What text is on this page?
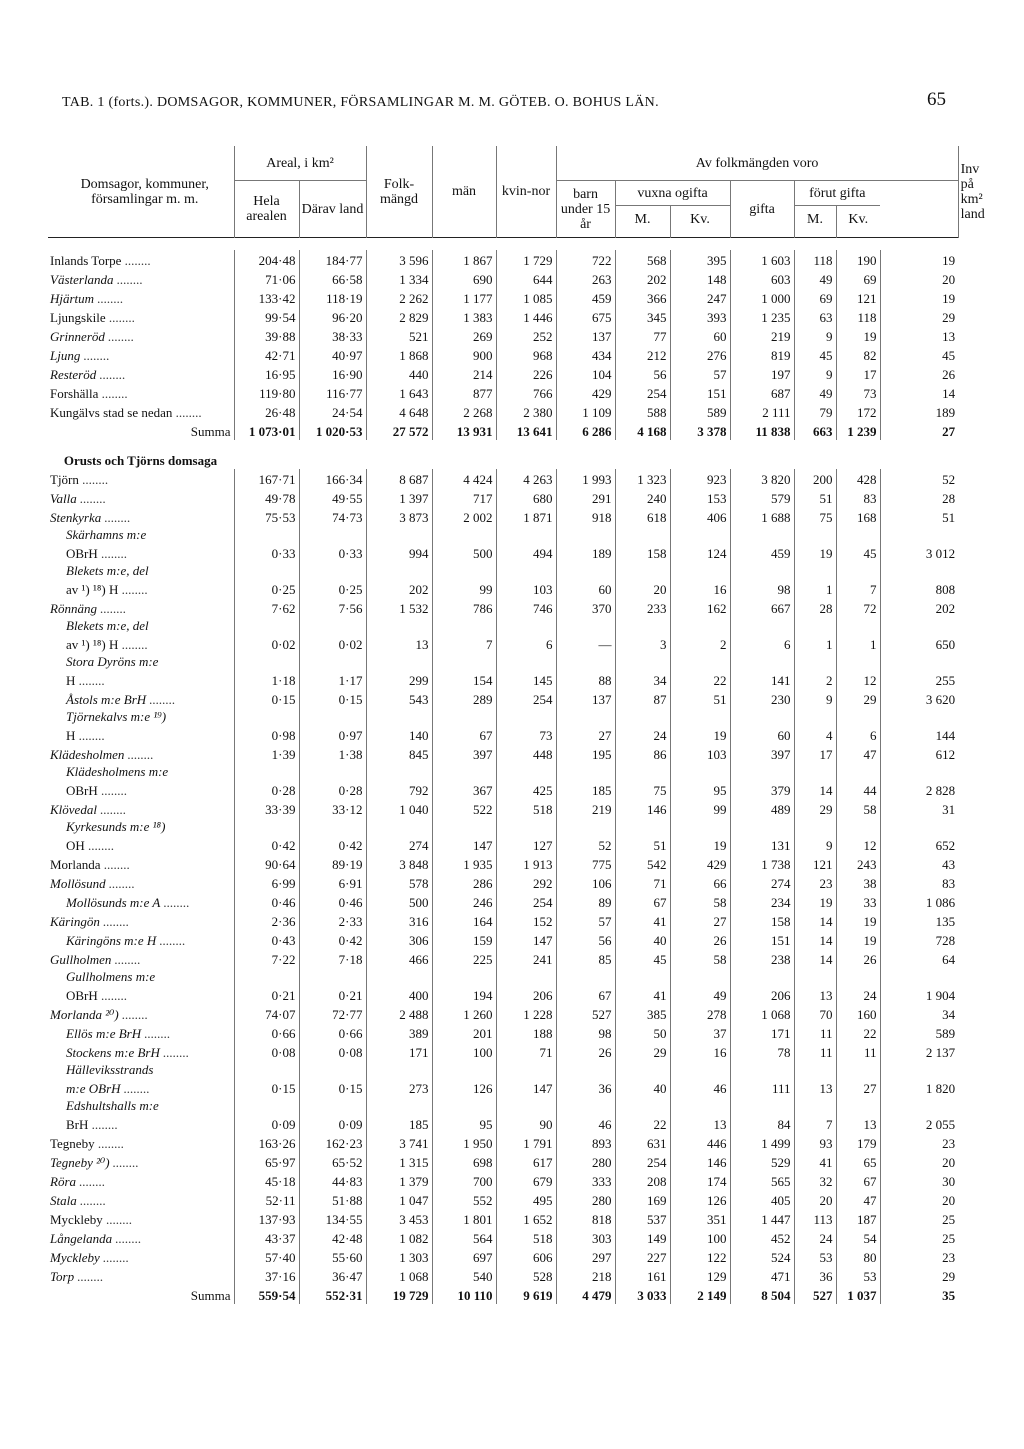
TAB. 1 (forts.). DOMSAGOR, KOMMUNER, FÖRSAMLINGAR M. M. GÖTEB. O. BOHUS LÄN.	65
Domsagor, kommuner, församlingar m. m.	Areal, i km²		Folk-mängd	män	kvin-nor	Av folkmängden voro							Inv på km² land
	Hela arealen	Därav land				barn under 15 år	vuxna ogifta		gifta	förut gifta			
							M.	Kv.		M.	Kv.		

Inlands Torpe ........	204·48	184·77	3 596	1 867	1 729	722	568	395	1 603	118	190	19	
Västerlanda ........	71·06	66·58	1 334	690	644	263	202	148	603	49	69	20	
Hjärtum ........	133·42	118·19	2 262	1 177	1 085	459	366	247	1 000	69	121	19	
Ljungskile ........	99·54	96·20	2 829	1 383	1 446	675	345	393	1 235	63	118	29	
Grinneröd ........	39·88	38·33	521	269	252	137	77	60	219	9	19	13	
Ljung ........	42·71	40·97	1 868	900	968	434	212	276	819	45	82	45	
Resteröd ........	16·95	16·90	440	214	226	104	56	57	197	9	17	26	
Forshälla ........	119·80	116·77	1 643	877	766	429	254	151	687	49	73	14	
Kungälvs stad se nedan ........	26·48	24·54	4 648	2 268	2 380	1 109	588	589	2 111	79	172	189	
Summa	1 073·01	1 020·53	27 572	13 931	13 641	6 286	4 168	3 378	11 838	663	1 239	27	
Orusts och Tjörns domsaga													
Tjörn ........	167·71	166·34	8 687	4 424	4 263	1 993	1 323	923	3 820	200	428	52	
Valla ........	49·78	49·55	1 397	717	680	291	240	153	579	51	83	28	
Stenkyrka ........	75·53	74·73	3 873	2 002	1 871	918	618	406	1 688	75	168	51	
Skärhamns m:e													
OBrH ........	0·33	0·33	994	500	494	189	158	124	459	19	45	3 012	
Blekets m:e, del													
av ¹) ¹⁸) H ........	0·25	0·25	202	99	103	60	20	16	98	1	7	808	
Rönnäng ........	7·62	7·56	1 532	786	746	370	233	162	667	28	72	202	
Blekets m:e, del													
av ¹) ¹⁸) H ........	0·02	0·02	13	7	6	—	3	2	6	1	1	650	
Stora Dyröns m:e													
H ........	1·18	1·17	299	154	145	88	34	22	141	2	12	255	
Åstols m:e BrH ........	0·15	0·15	543	289	254	137	87	51	230	9	29	3 620	
Tjörnekalvs m:e ¹⁹)													
H ........	0·98	0·97	140	67	73	27	24	19	60	4	6	144	
Klädesholmen ........	1·39	1·38	845	397	448	195	86	103	397	17	47	612	
Klädesholmens m:e													
OBrH ........	0·28	0·28	792	367	425	185	75	95	379	14	44	2 828	
Klövedal ........	33·39	33·12	1 040	522	518	219	146	99	489	29	58	31	
Kyrkesunds m:e ¹⁸)													
OH ........	0·42	0·42	274	147	127	52	51	19	131	9	12	652	
Morlanda ........	90·64	89·19	3 848	1 935	1 913	775	542	429	1 738	121	243	43	
Mollösund ........	6·99	6·91	578	286	292	106	71	66	274	23	38	83	
Mollösunds m:e A ........	0·46	0·46	500	246	254	89	67	58	234	19	33	1 086	
Käringön ........	2·36	2·33	316	164	152	57	41	27	158	14	19	135	
Käringöns m:e H ........	0·43	0·42	306	159	147	56	40	26	151	14	19	728	
Gullholmen ........	7·22	7·18	466	225	241	85	45	58	238	14	26	64	
Gullholmens m:e													
OBrH ........	0·21	0·21	400	194	206	67	41	49	206	13	24	1 904	
Morlanda ²⁰) ........	74·07	72·77	2 488	1 260	1 228	527	385	278	1 068	70	160	34	
Ellös m:e BrH ........	0·66	0·66	389	201	188	98	50	37	171	11	22	589	
Stockens m:e BrH ........	0·08	0·08	171	100	71	26	29	16	78	11	11	2 137	
Hälleviksstrands													
m:e OBrH ........	0·15	0·15	273	126	147	36	40	46	111	13	27	1 820	
Edshultshalls m:e													
BrH ........	0·09	0·09	185	95	90	46	22	13	84	7	13	2 055	
Tegneby ........	163·26	162·23	3 741	1 950	1 791	893	631	446	1 499	93	179	23	
Tegneby ²⁰) ........	65·97	65·52	1 315	698	617	280	254	146	529	41	65	20	
Röra ........	45·18	44·83	1 379	700	679	333	208	174	565	32	67	30	
Stala ........	52·11	51·88	1 047	552	495	280	169	126	405	20	47	20	
Myckleby ........	137·93	134·55	3 453	1 801	1 652	818	537	351	1 447	113	187	25	
Långelanda ........	43·37	42·48	1 082	564	518	303	149	100	452	24	54	25	
Myckleby ........	57·40	55·60	1 303	697	606	297	227	122	524	53	80	23	
Torp ........	37·16	36·47	1 068	540	528	218	161	129	471	36	53	29	
Summa	559·54	552·31	19 729	10 110	9 619	4 479	3 033	2 149	8 504	527	1 037	35	
